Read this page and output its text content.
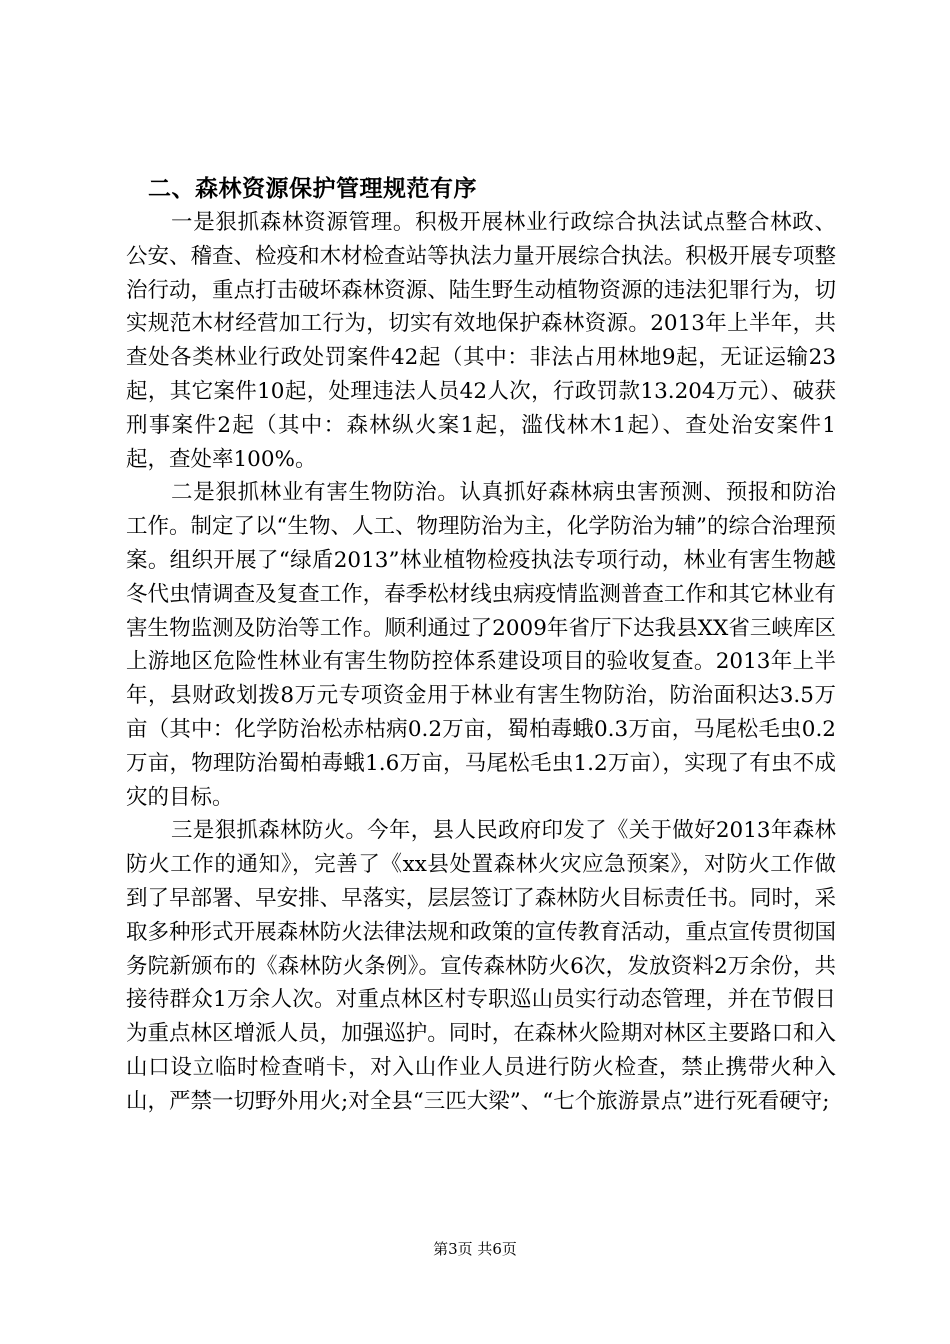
二、森林资源保护管理规范有序

一是狠抓森林资源管理。积极开展林业行政综合执法试点整合林政、公安、稽查、检疫和木材检查站等执法力量开展综合执法。积极开展专项整治行动，重点打击破坏森林资源、陆生野生动植物资源的违法犯罪行为，切实规范木材经营加工行为，切实有效地保护森林资源。2013年上半年，共查处各类林业行政处罚案件42起（其中：非法占用林地9起，无证运输23起，其它案件10起，处理违法人员42人次，行政罚款13.204万元）、破获刑事案件2起（其中：森林纵火案1起，滥伐林木1起）、查处治安案件1起，查处率100%。

二是狠抓林业有害生物防治。认真抓好森林病虫害预测、预报和防治工作。制定了以“生物、人工、物理防治为主，化学防治为辅”的综合治理预案。组织开展了“绿盾2013”林业植物检疫执法专项行动，林业有害生物越冬代虫情调查及复查工作，春季松材线虫病疫情监测普查工作和其它林业有害生物监测及防治等工作。顺利通过了2009年省厅下达我县XX省三峡库区上游地区危险性林业有害生物防控体系建设项目的验收复查。2013年上半年，县财政划拨8万元专项资金用于林业有害生物防治，防治面积达3.5万亩（其中：化学防治松赤枯病0.2万亩，蜀柏毒蛾0.3万亩，马尾松毛虫0.2万亩，物理防治蜀柏毒蛾1.6万亩，马尾松毛虫1.2万亩），实现了有虫不成灾的目标。

三是狠抓森林防火。今年，县人民政府印发了《关于做好2013年森林防火工作的通知》，完善了《xx县处置森林火灾应急预案》，对防火工作做到了早部署、早安排、早落实，层层签订了森林防火目标责任书。同时，采取多种形式开展森林防火法律法规和政策的宣传教育活动，重点宣传贯彻国务院新颁布的《森林防火条例》。宣传森林防火6次，发放资料2万余份，共接待群众1万余人次。对重点林区村专职巡山员实行动态管理，并在节假日为重点林区增派人员，加强巡护。同时，在森林火险期对林区主要路口和入山口设立临时检查哨卡，对入山作业人员进行防火检查，禁止携带火种入山，严禁一切野外用火;对全县“三匹大梁”、“七个旅游景点”进行死看硬守;

第3页 共6页
